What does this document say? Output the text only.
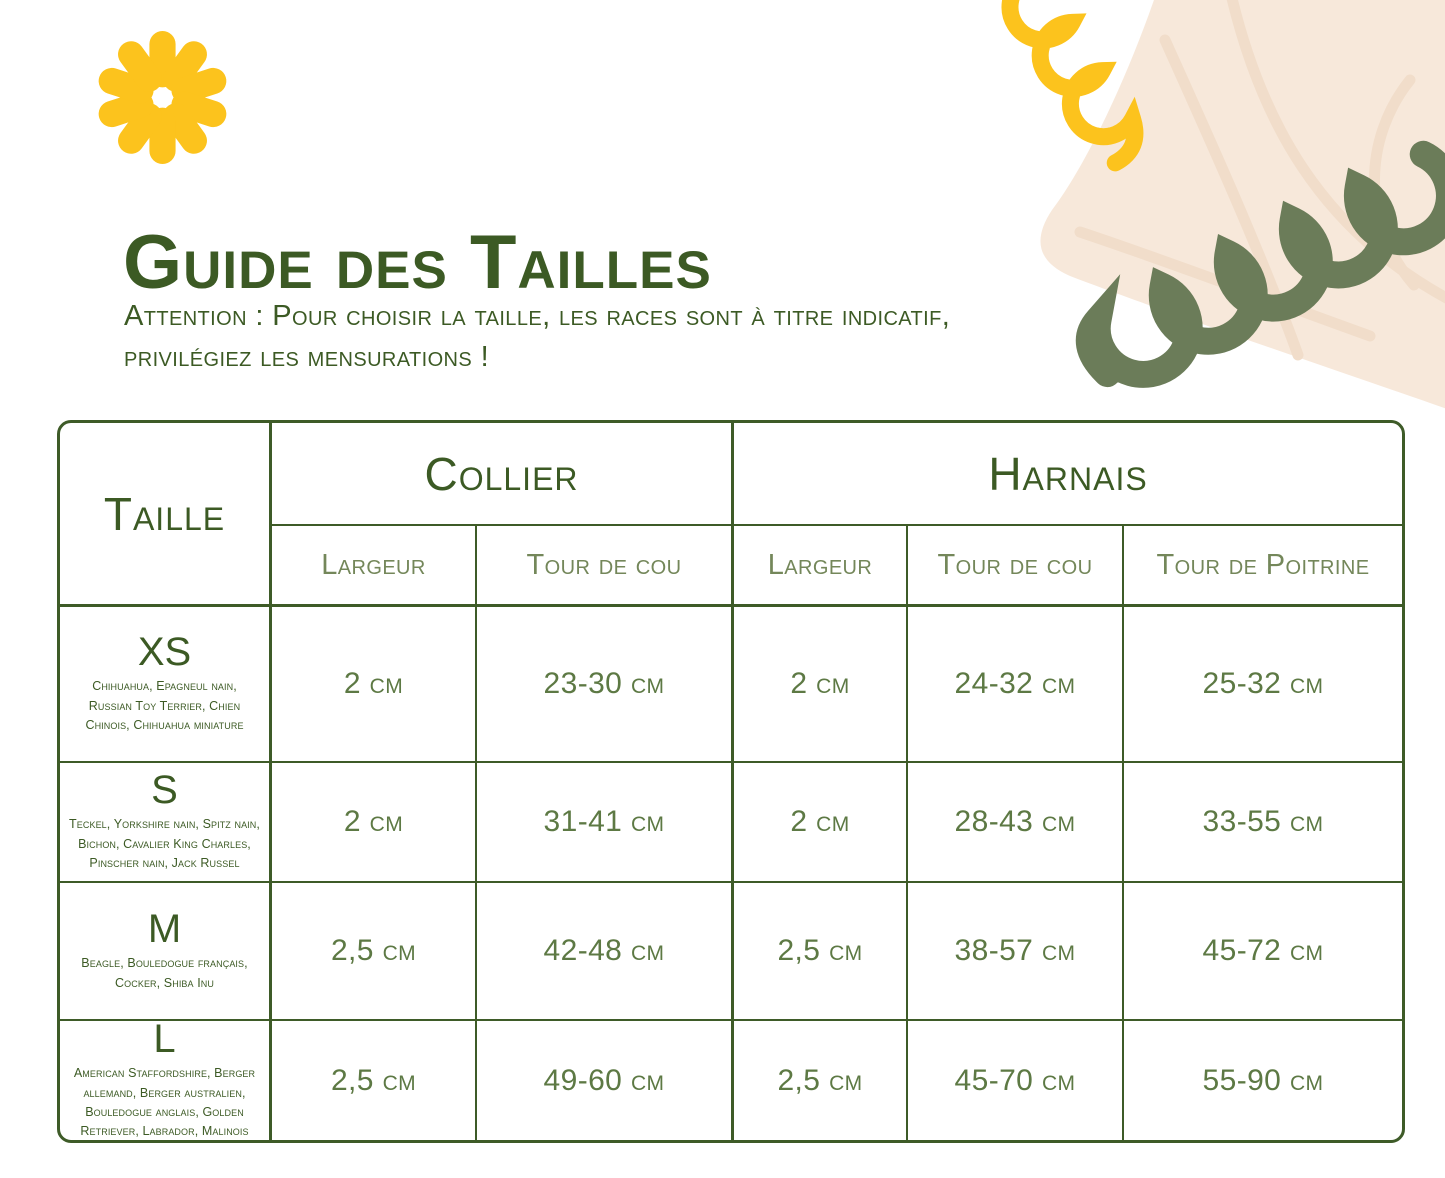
Guide des Tailles
Attention : Pour choisir la taille, les races sont à titre indicatif,
privilégiez les mensurations !
Taille
Collier	Harnais
Largeur	Tour de cou	Largeur	Tour de cou	Tour de Poitrine
XS
Chihuahua, Epagneul nain, Russian Toy Terrier, Chien Chinois, Chihuahua miniature
2 cm	23-30 cm	2 cm	24-32 cm	25-32 cm
S
Teckel, Yorkshire nain, Spitz nain, Bichon, Cavalier King Charles, Pinscher nain, Jack Russel
2 cm	31-41 cm	2 cm	28-43 cm	33-55 cm
M
Beagle, Bouledogue français, Cocker, Shiba Inu
2,5 cm	42-48 cm	2,5 cm	38-57 cm	45-72 cm
L
American Staffordshire, Berger allemand, Berger australien, Bouledogue anglais, Golden Retriever, Labrador, Malinois
2,5 cm	49-60 cm	2,5 cm	45-70 cm	55-90 cm
